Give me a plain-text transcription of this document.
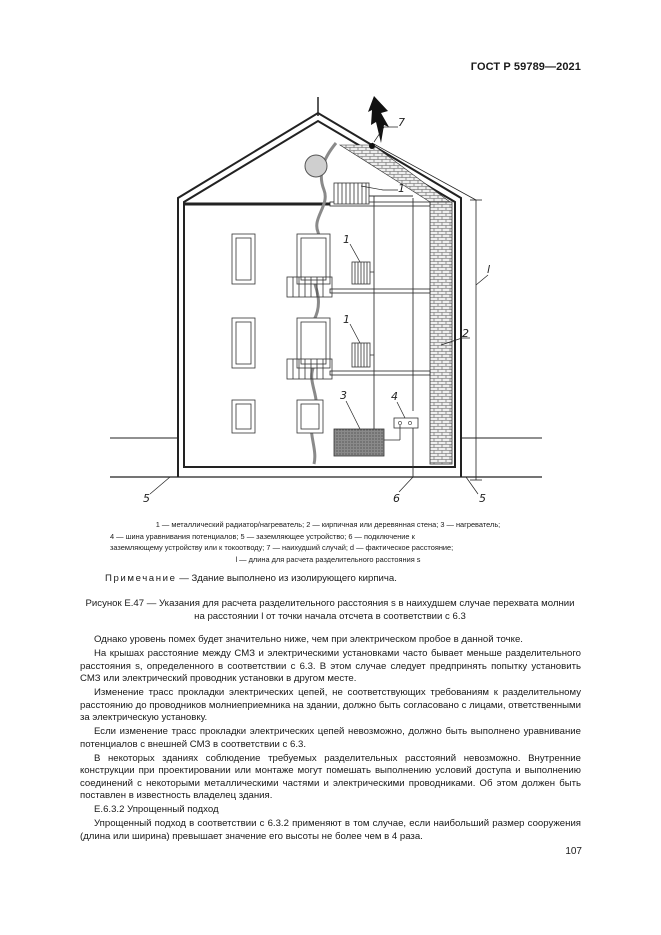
ГОСТ Р 59789—2021
7
1
1
1
2
3	4
6
5	5
l
1 — металлический радиатор/нагреватель; 2 — кирпичная или деревянная стена; 3 — нагреватель;
4 — шина уравнивания потенциалов; 5 — заземляющее устройство; 6 — подключение к
заземляющему устройству или к токоотводу; 7 — наихудший случай; d — фактическое расстояние;
l — длина для расчета разделительного расстояния s
Примечание — Здание выполнено из изолирующего кирпича.
Рисунок Е.47 — Указания для расчета разделительного расстояния s в наихудшем случае перехвата молнии
на расстоянии l от точки начала отсчета в соответствии с 6.3

Однако уровень помех будет значительно ниже, чем при электрическом пробое в данной точке.

На крышах расстояние между СМЗ и электрическими установками часто бывает меньше разделительного расстояния s, определенного в соответствии с 6.3. В этом случае следует предпринять попытку установить СМЗ или электрический проводник установки в другом месте.

Изменение трасс прокладки электрических цепей, не соответствующих требованиям к разделительному расстоянию до проводников молниеприемника на здании, должно быть согласовано с лицами, ответственными за электрическую установку.

Если изменение трасс прокладки электрических цепей невозможно, должно быть выполнено уравнивание потенциалов с внешней СМЗ в соответствии с 6.3.

В некоторых зданиях соблюдение требуемых разделительных расстояний невозможно. Внутренние конструкции при проектировании или монтаже могут помешать выполнению условий доступа и выполнению соединений с некоторыми металлическими частями и электрическими проводниками. Об этом должен быть поставлен в известность владелец здания.

Е.6.3.2 Упрощенный подход

Упрощенный подход в соответствии с 6.3.2 применяют в том случае, если наибольший размер сооружения (длина или ширина) превышает значение его высоты не более чем в 4 раза.

107
